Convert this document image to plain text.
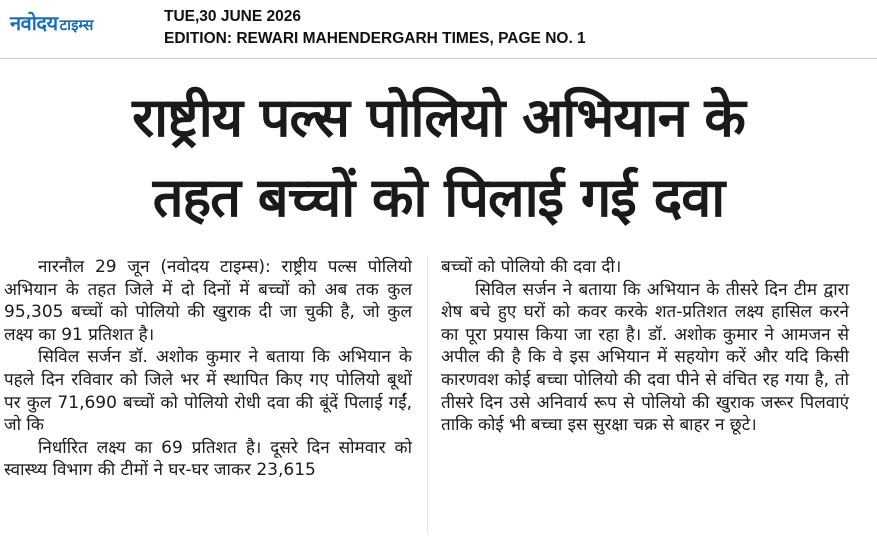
नवोदय टाइम्स	TUE,30 JUNE 2026
EDITION: REWARI MAHENDERGARH TIMES, PAGE NO. 1
राष्ट्रीय पल्स पोलियो अभियान के
तहत बच्चों को पिलाई गई दवा

नारनौल 29 जून (नवोदय टाइम्स): राष्ट्रीय पल्स पोलियो अभियान के तहत जिले में दो दिनों में बच्चों को अब तक कुल 95,305 बच्चों को पोलियो की खुराक दी जा चुकी है, जो कुल लक्ष्य का 91 प्रतिशत है।

सिविल सर्जन डॉ. अशोक कुमार ने बताया कि अभियान के पहले दिन रविवार को जिले भर में स्थापित किए गए पोलियो बूथों पर कुल 71,690 बच्चों को पोलियो रोधी दवा की बूंदें पिलाई गईं, जो कि

निर्धारित लक्ष्य का 69 प्रतिशत है। दूसरे दिन सोमवार को स्वास्थ्य विभाग की टीमों ने घर-घर जाकर 23,615

बच्चों को पोलियो की दवा दी।

सिविल सर्जन ने बताया कि अभियान के तीसरे दिन टीम द्वारा शेष बचे हुए घरों को कवर करके शत-प्रतिशत लक्ष्य हासिल करने का पूरा प्रयास किया जा रहा है। डॉ. अशोक कुमार ने आमजन से अपील की है कि वे इस अभियान में सहयोग करें और यदि किसी कारणवश कोई बच्चा पोलियो की दवा पीने से वंचित रह गया है, तो तीसरे दिन उसे अनिवार्य रूप से पोलियो की खुराक जरूर पिलवाएं ताकि कोई भी बच्चा इस सुरक्षा चक्र से बाहर न छूटे।
